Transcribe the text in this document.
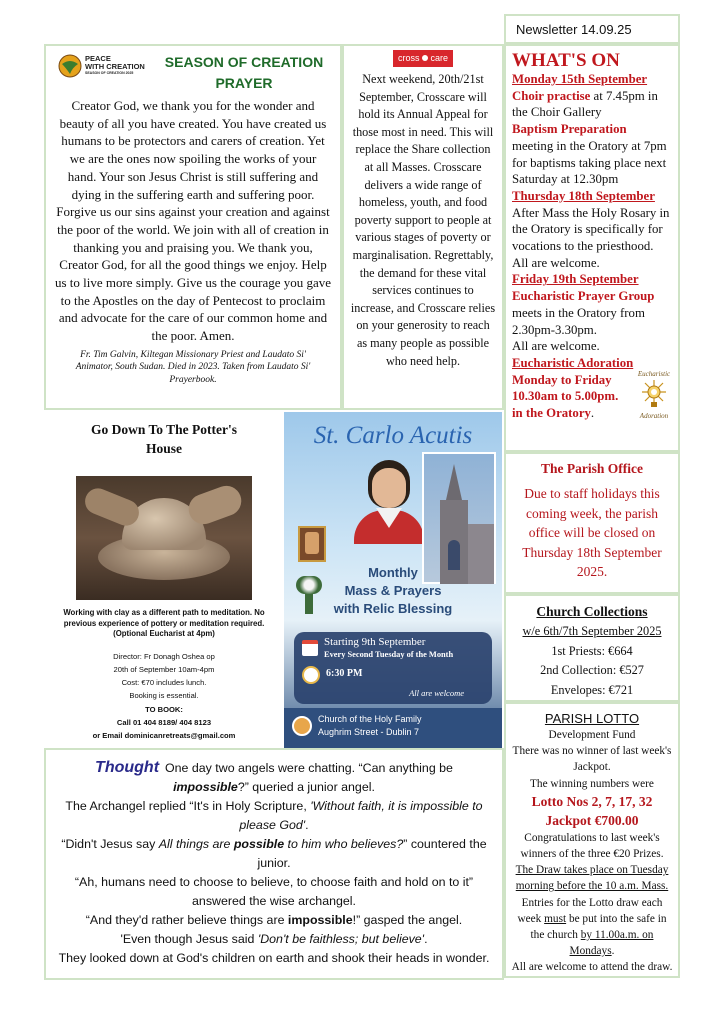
Newsletter 14.09.25
PEACE
WITH CREATION
SEASON OF CREATION 2025
SEASON OF CREATION
PRAYER

Creator God, we thank you for the wonder and beauty of all you have created. You have created us humans to be protectors and carers of creation. Yet we are the ones now spoiling the works of your hand. Your son Jesus Christ is still suffering and dying in the suffering earth and suffering poor. Forgive us our sins against your creation and against the poor of the world. We join with all of creation in thanking you and praising you. We thank you, Creator God, for all the good things we enjoy. Help us to live more simply. Give us the courage you gave to the Apostles on the day of Pentecost to proclaim and advocate for the care of our common home and the poor. Amen.

Fr. Tim Galvin, Kiltegan Missionary Priest and Laudato Si' Animator, South Sudan. Died in 2023. Taken from Laudato Si' Prayerbook.

cross care

Next weekend, 20th/21st September, Crosscare will hold its Annual Appeal for those most in need. This will replace the Share collection at all Masses. Crosscare delivers a wide range of homeless, youth, and food poverty support to people at various stages of poverty or marginalisation. Regrettably, the demand for these vital services continues to increase, and Crosscare relies on your generosity to reach as many people as possible who need help.

WHAT'S ON
Monday 15th September
Choir practise at 7.45pm in the Choir Gallery
Baptism Preparation
meeting in the Oratory at 7pm for baptisms taking place next Saturday at 12.30pm
Thursday 18th September
After Mass the Holy Rosary in the Oratory is specifically for vocations to the priesthood. All are welcome.
Friday 19th September
Eucharistic Prayer Group
meets in the Oratory from 2.30pm-3.30pm.
All are welcome.
Eucharistic Adoration
Monday to Friday 10.30am to 5.00pm. in the Oratory.
Eucharistic
Adoration
The Parish Office

Due to staff holidays this coming week, the parish office will be closed on Thursday 18th September 2025.

Church Collections
w/e 6th/7th September 2025
1st Priests: €664
2nd Collection: €527
Envelopes: €721
PARISH LOTTO
Development Fund
There was no winner of last week's Jackpot.
The winning numbers were
Lotto Nos 2, 7, 17, 32
Jackpot €700.00
Congratulations to last week's winners of the three €20 Prizes.
The Draw takes place on Tuesday morning before the 10 a.m. Mass. Entries for the Lotto draw each week must be put into the safe in the church by 11.00a.m. on Mondays.
All are welcome to attend the draw.
Go Down To The Potter's House
Working with clay as a different path to meditation. No previous experience of pottery or meditation required. (Optional Eucharist at 4pm)
Director: Fr Donagh Oshea op
20th of September 10am-4pm
Cost: €70 includes lunch.
Booking is essential.
TO BOOK:
Call 01 404 8189/ 404 8123
or Email dominicanretreats@gmail.com
St. Carlo Acutis
Monthly
Mass & Prayers
with Relic Blessing
Starting 9th September
Every Second Tuesday of the Month
6:30 PM
All are welcome
Church of the Holy Family
Aughrim Street - Dublin 7
Thought One day two angels were chatting. “Can anything be impossible?” queried a junior angel.
The Archangel replied “It's in Holy Scripture, 'Without faith, it is impossible to please God'.
“Didn't Jesus say All things are possible to him who believes?” countered the junior.
“Ah, humans need to choose to believe, to choose faith and hold on to it” answered the wise archangel.
“And they'd rather believe things are impossible!” gasped the angel.
'Even though Jesus said 'Don't be faithless; but believe'.
They looked down at God's children on earth and shook their heads in wonder.
